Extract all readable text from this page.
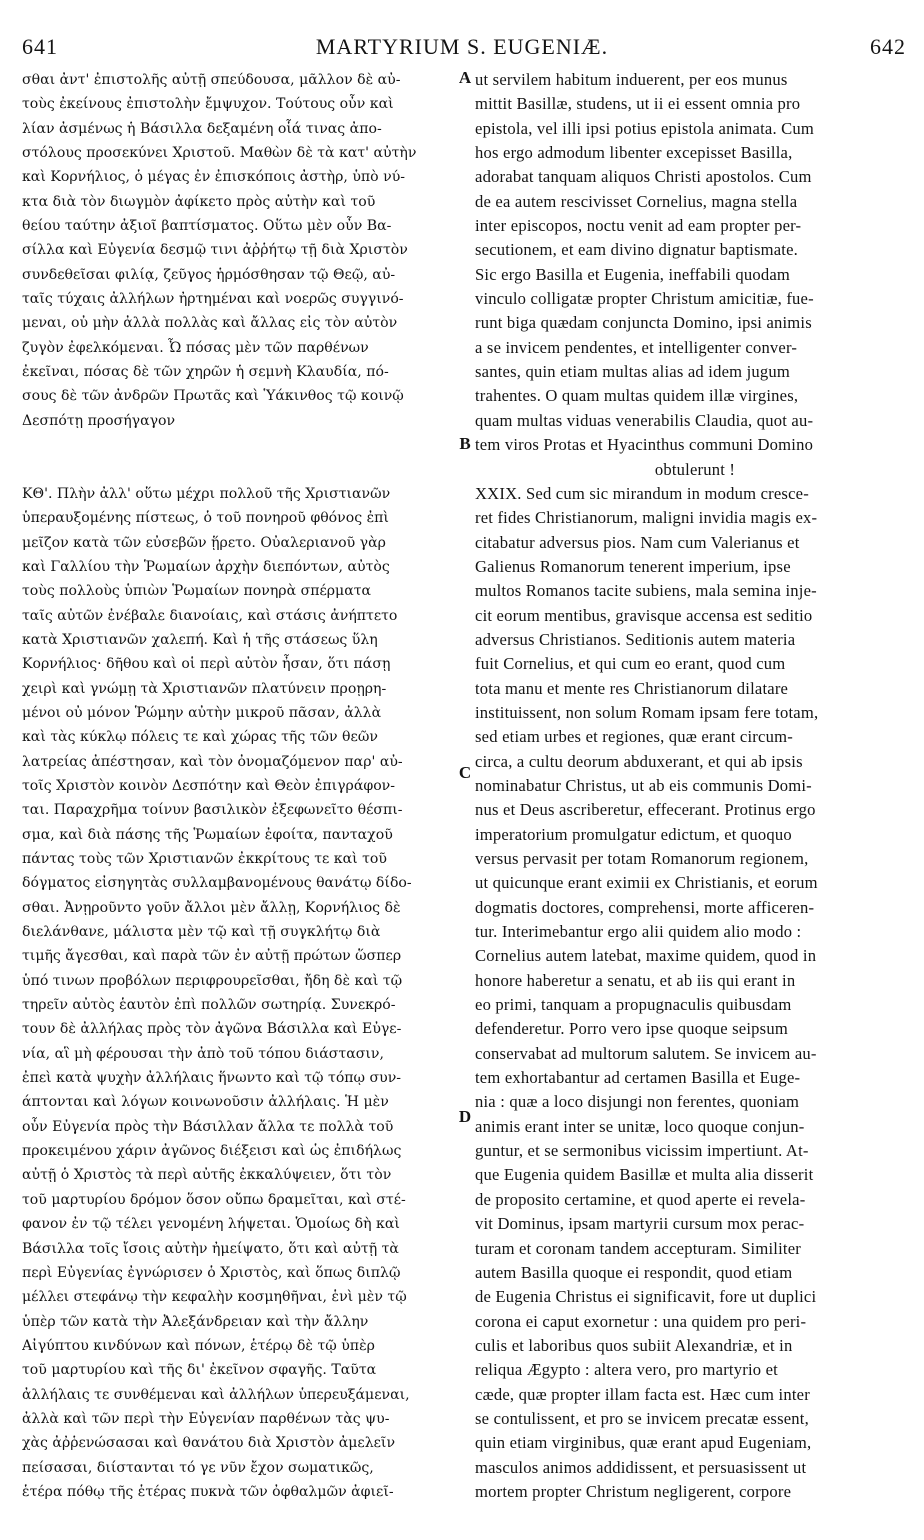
641	MARTYRIUM S. EUGENIÆ.	642
σθαι ἀντ' ἐπιστολῆς αὐτῇ σπεύδουσα, μᾶλλον δὲ αὐ-
τοὺς ἐκείνους ἐπιστολὴν ἔμψυχον. Τούτους οὖν καὶ
λίαν ἀσμένως ἡ Βάσιλλα δεξαμένη οἷά τινας ἀπο-
στόλους προσεκύνει Χριστοῦ. Μαθὼν δὲ τὰ κατ' αὐτὴν
καὶ Κορνήλιος, ὁ μέγας ἐν ἐπισκόποις ἀστὴρ, ὑπὸ νύ-
κτα διὰ τὸν διωγμὸν ἀφίκετο πρὸς αὐτὴν καὶ τοῦ
θείου ταύτην ἀξιοῖ βαπτίσματος. Οὕτω μὲν οὖν Βα-
σίλλα καὶ Εὐγενία δεσμῷ τινι ἀῤῥήτῳ τῇ διὰ Χριστὸν
συνδεθεῖσαι φιλίᾳ, ζεῦγος ἡρμόσθησαν τῷ Θεῷ, αὐ-
ταῖς τύχαις ἀλλήλων ἠρτημέναι καὶ νοερῶς συγγινό-
μεναι, οὐ μὴν ἀλλὰ πολλὰς καὶ ἄλλας εἰς τὸν αὐτὸν
ζυγὸν ἐφελκόμεναι. Ὦ πόσας μὲν τῶν παρθένων
ἐκεῖναι, πόσας δὲ τῶν χηρῶν ἡ σεμνὴ Κλαυδία, πό-
σους δὲ τῶν ἀνδρῶν Πρωτᾶς καὶ Ὑάκινθος τῷ κοινῷ
Δεσπότῃ προσήγαγον
ΚΘ'. Πλὴν ἀλλ' οὕτω μέχρι πολλοῦ τῆς Χριστιανῶν
ὑπεραυξομένης πίστεως, ὁ τοῦ πονηροῦ φθόνος ἐπὶ
μεῖζον κατὰ τῶν εὐσεβῶν ᾕρετο. Οὐαλεριανοῦ γὰρ
καὶ Γαλλίου τὴν Ῥωμαίων ἀρχὴν διεπόντων, αὐτὸς
τοὺς πολλοὺς ὑπιὼν Ῥωμαίων πονηρὰ σπέρματα
ταῖς αὐτῶν ἐνέβαλε διανοίαις, καὶ στάσις ἀνήπτετο
κατὰ Χριστιανῶν χαλεπή. Καὶ ἡ τῆς στάσεως ὕλη
Κορνήλιος· δῆθου καὶ οἱ περὶ αὐτὸν ἦσαν, ὅτι πάσῃ
χειρὶ καὶ γνώμῃ τὰ Χριστιανῶν πλατύνειν προῃρη-
μένοι οὐ μόνον Ῥώμην αὐτὴν μικροῦ πᾶσαν, ἀλλὰ
καὶ τὰς κύκλῳ πόλεις τε καὶ χώρας τῆς τῶν θεῶν
λατρείας ἀπέστησαν, καὶ τὸν ὀνομαζόμενον παρ' αὐ-
τοῖς Χριστὸν κοινὸν Δεσπότην καὶ Θεὸν ἐπιγράφον-
ται. Παραχρῆμα τοίνυν βασιλικὸν ἐξεφωνεῖτο θέσπι-
σμα, καὶ διὰ πάσης τῆς Ῥωμαίων ἐφοίτα, πανταχοῦ
πάντας τοὺς τῶν Χριστιανῶν ἐκκρίτους τε καὶ τοῦ
δόγματος εἰσηγητὰς συλλαμβανομένους θανάτῳ δίδο-
σθαι. Ἀνῃροῦντο γοῦν ἄλλοι μὲν ἄλλῃ, Κορνήλιος δὲ
διελάνθανε, μάλιστα μὲν τῷ καὶ τῇ συγκλήτῳ διὰ
τιμῆς ἄγεσθαι, καὶ παρὰ τῶν ἐν αὐτῇ πρώτων ὥσπερ
ὑπό τινων προβόλων περιφρουρεῖσθαι, ἤδη δὲ καὶ τῷ
τηρεῖν αὐτὸς ἑαυτὸν ἐπὶ πολλῶν σωτηρίᾳ. Συνεκρό-
τουν δὲ ἀλλήλας πρὸς τὸν ἀγῶνα Βάσιλλα καὶ Εὐγε-
νία, αἳ μὴ φέρουσαι τὴν ἀπὸ τοῦ τόπου διάστασιν,
ἐπεὶ κατὰ ψυχὴν ἀλλήλαις ἥνωντο καὶ τῷ τόπῳ συν-
άπτονται καὶ λόγων κοινωνοῦσιν ἀλλήλαις. Ἡ μὲν
οὖν Εὐγενία πρὸς τὴν Βάσιλλαν ἄλλα τε πολλὰ τοῦ
προκειμένου χάριν ἀγῶνος διέξεισι καὶ ὡς ἐπιδήλως
αὐτῇ ὁ Χριστὸς τὰ περὶ αὐτῆς ἐκκαλύψειεν, ὅτι τὸν
τοῦ μαρτυρίου δρόμον ὅσον οὔπω δραμεῖται, καὶ στέ-
φανον ἐν τῷ τέλει γενομένη λήψεται. Ὁμοίως δὴ καὶ
Βάσιλλα τοῖς ἴσοις αὐτὴν ἠμείψατο, ὅτι καὶ αὐτῇ τὰ
περὶ Εὐγενίας ἐγνώρισεν ὁ Χριστὸς, καὶ ὅπως διπλῷ
μέλλει στεφάνῳ τὴν κεφαλὴν κοσμηθῆναι, ἑνὶ μὲν τῷ
ὑπὲρ τῶν κατὰ τὴν Ἀλεξάνδρειαν καὶ τὴν ἄλλην
Αἰγύπτου κινδύνων καὶ πόνων, ἑτέρῳ δὲ τῷ ὑπὲρ
τοῦ μαρτυρίου καὶ τῆς δι' ἐκεῖνον σφαγῆς. Ταῦτα
ἀλλήλαις τε συνθέμεναι καὶ ἀλλήλων ὑπερευξάμεναι,
ἀλλὰ καὶ τῶν περὶ τὴν Εὐγενίαν παρθένων τὰς ψυ-
χὰς ἀῤῥενώσασαι καὶ θανάτου διὰ Χριστὸν ἀμελεῖν
πείσασαι, διίστανται τό γε νῦν ἔχον σωματικῶς,
ἑτέρα πόθῳ τῆς ἑτέρας πυκνὰ τῶν ὀφθαλμῶν ἀφιεῖ-
ut servilem habitum induerent, per eos munus
mittit Basillæ, studens, ut ii ei essent omnia pro
epistola, vel illi ipsi potius epistola animata. Cum
hos ergo admodum libenter excepisset Basilla,
adorabat tanquam aliquos Christi apostolos. Cum
de ea autem rescivisset Cornelius, magna stella
inter episcopos, noctu venit ad eam propter per-
secutionem, et eam divino dignatur baptismate.
Sic ergo Basilla et Eugenia, ineffabili quodam
vinculo colligatæ propter Christum amicitiæ, fue-
runt biga quædam conjuncta Domino, ipsi animis
a se invicem pendentes, et intelligenter conver-
santes, quin etiam multas alias ad idem jugum
trahentes. O quam multas quidem illæ virgines,
quam multas viduas venerabilis Claudia, quot au-
tem viros Protas et Hyacinthus communi Domino
obtulerunt !
XXIX. Sed cum sic mirandum in modum cresce-
ret fides Christianorum, maligni invidia magis ex-
citabatur adversus pios. Nam cum Valerianus et
Galienus Romanorum tenerent imperium, ipse
multos Romanos tacite subiens, mala semina inje-
cit eorum mentibus, gravisque accensa est seditio
adversus Christianos. Seditionis autem materia
fuit Cornelius, et qui cum eo erant, quod cum
tota manu et mente res Christianorum dilatare
instituissent, non solum Romam ipsam fere totam,
sed etiam urbes et regiones, quæ erant circum-
circa, a cultu deorum abduxerant, et qui ab ipsis
nominabatur Christus, ut ab eis communis Domi-
nus et Deus ascriberetur, effecerant. Protinus ergo
imperatorium promulgatur edictum, et quoquo
versus pervasit per totam Romanorum regionem,
ut quicunque erant eximii ex Christianis, et eorum
dogmatis doctores, comprehensi, morte afficeren-
tur. Interimebantur ergo alii quidem alio modo :
Cornelius autem latebat, maxime quidem, quod in
honore haberetur a senatu, et ab iis qui erant in
eo primi, tanquam a propugnaculis quibusdam
defenderetur. Porro vero ipse quoque seipsum
conservabat ad multorum salutem. Se invicem au-
tem exhortabantur ad certamen Basilla et Euge-
nia : quæ a loco disjungi non ferentes, quoniam
animis erant inter se unitæ, loco quoque conjun-
guntur, et se sermonibus vicissim impertiunt. At-
que Eugenia quidem Basillæ et multa alia disserit
de proposito certamine, et quod aperte ei revela-
vit Dominus, ipsam martyrii cursum mox perac-
turam et coronam tandem accepturam. Similiter
autem Basilla quoque ei respondit, quod etiam
de Eugenia Christus ei significavit, fore ut duplici
corona ei caput exornetur : una quidem pro peri-
culis et laboribus quos subiit Alexandriæ, et in
reliqua Ægypto : altera vero, pro martyrio et
cæde, quæ propter illam facta est. Hæc cum inter
se contulissent, et pro se invicem precatæ essent,
quin etiam virginibus, quæ erant apud Eugeniam,
masculos animos addidissent, et persuasissent ut
mortem propter Christum negligerent, corpore
A
B
C
D
